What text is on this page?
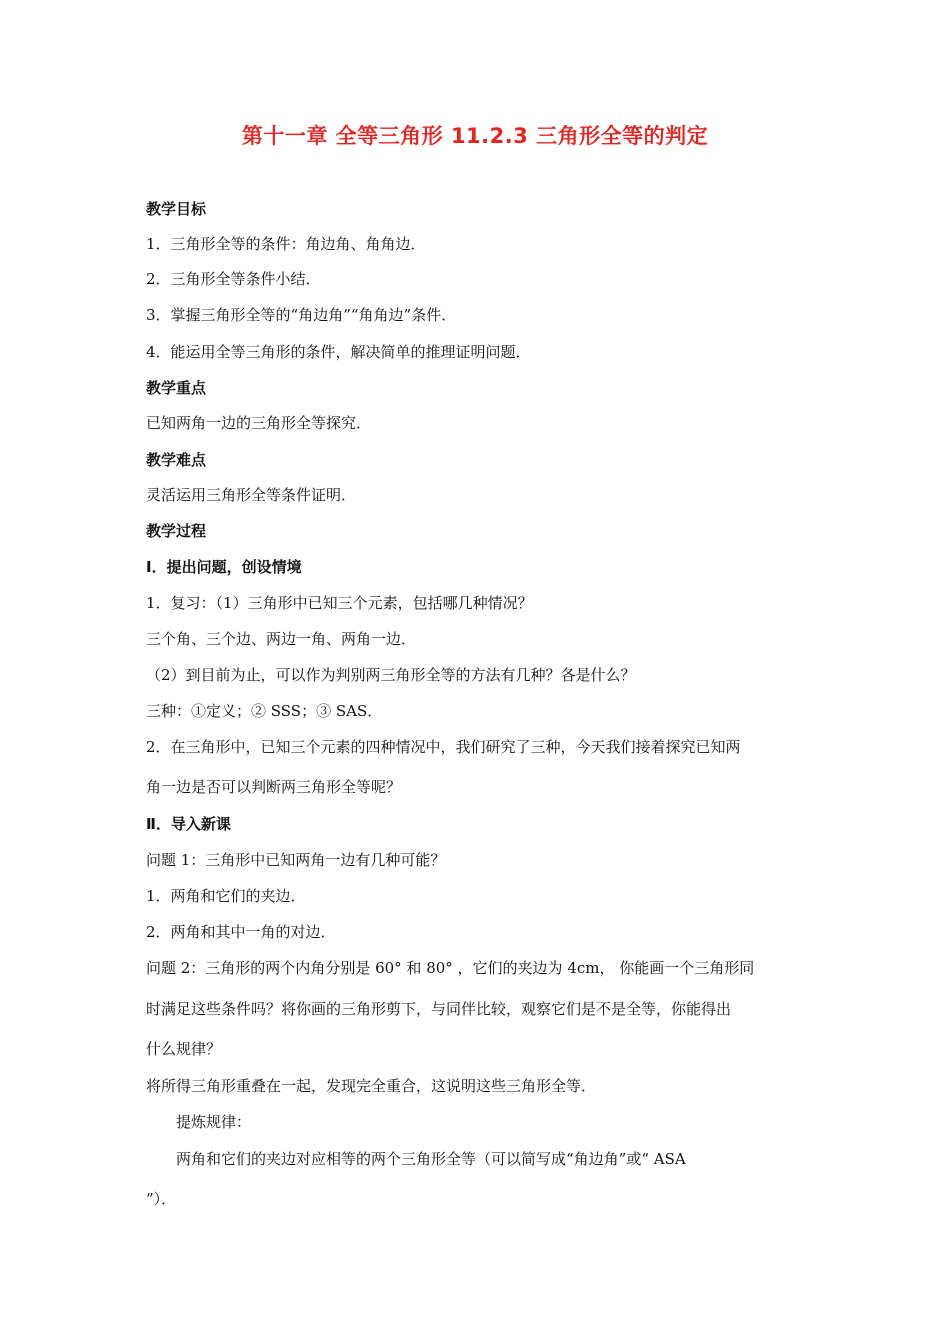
第十一章 全等三角形 11.2.3 三角形全等的判定
教学目标
1．三角形全等的条件：角边角、角角边．
2．三角形全等条件小结．
3．掌握三角形全等的“角边角”“角角边”条件．
4．能运用全等三角形的条件，解决简单的推理证明问题．
教学重点
已知两角一边的三角形全等探究．
教学难点
灵活运用三角形全等条件证明．
教学过程
Ⅰ．提出问题，创设情境
1．复习：（1）三角形中已知三个元素，包括哪几种情况？
三个角、三个边、两边一角、两角一边．
（2）到目前为止，可以作为判别两三角形全等的方法有几种？各是什么？
三种：①定义；② SSS；③ SAS．
2．在三角形中，已知三个元素的四种情况中，我们研究了三种，今天我们接着探究已知两
角一边是否可以判断两三角形全等呢？
Ⅱ．导入新课
问题 1：三角形中已知两角一边有几种可能？
1．两角和它们的夹边．
2．两角和其中一角的对边．
问题 2：三角形的两个内角分别是 60° 和 80° ，它们的夹边为 4cm， 你能画一个三角形同
时满足这些条件吗？将你画的三角形剪下，与同伴比较，观察它们是不是全等，你能得出
什么规律？
将所得三角形重叠在一起，发现完全重合，这说明这些三角形全等．
提炼规律：
两角和它们的夹边对应相等的两个三角形全等（可以简写成“角边角”或“ ASA
”）．
